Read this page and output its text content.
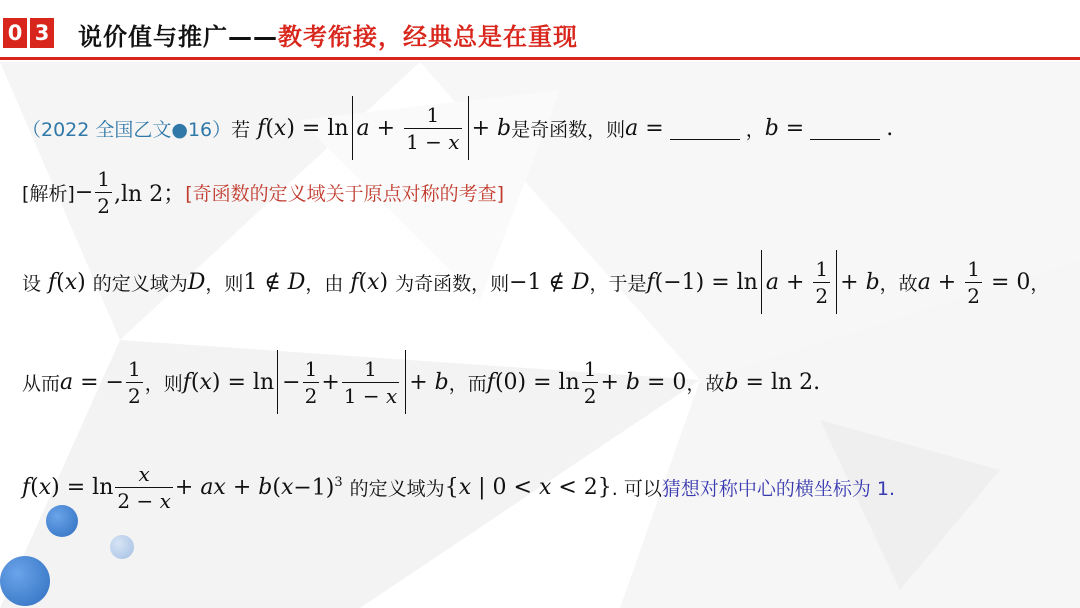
0 3 说价值与推广——教考衔接，经典总是在重现
（2022 全国乙文●16） 若 f ( x ) = $\ln a + \frac{1}{1 - x} + b$ 是奇函数，则 a =	， b =	.
[解析] − $\frac{1}{2} ,\ln$ 2； [奇函数的定义域关于原点对称的考查]
设 f ( x ) 的定义域为 D ，则 1 ∉ D ，由 f ( x ) 为奇函数，则 −1 ∉ D ，于是 f $(-1) = \ln a + \frac{1}{2} + b$ ，故 $a + \frac{1}{2} = 0$ ，
从而 a = − $\frac{1}{2}$ ，则 f ( x ) = $\ln - \frac{1}{2} + \frac{1}{1 - x} + b$ ，而 f $(0) = \ln \frac{1}{2} + b = 0$ ，故 b = ln 2 .
f ( x ) = $\ln \frac{x}{2 - x}$ + ax + b ( x −1)$^3$ 的定义域为 { x | 0 < x < 2} . 可以 猜想对称中心的横坐标为 1.
